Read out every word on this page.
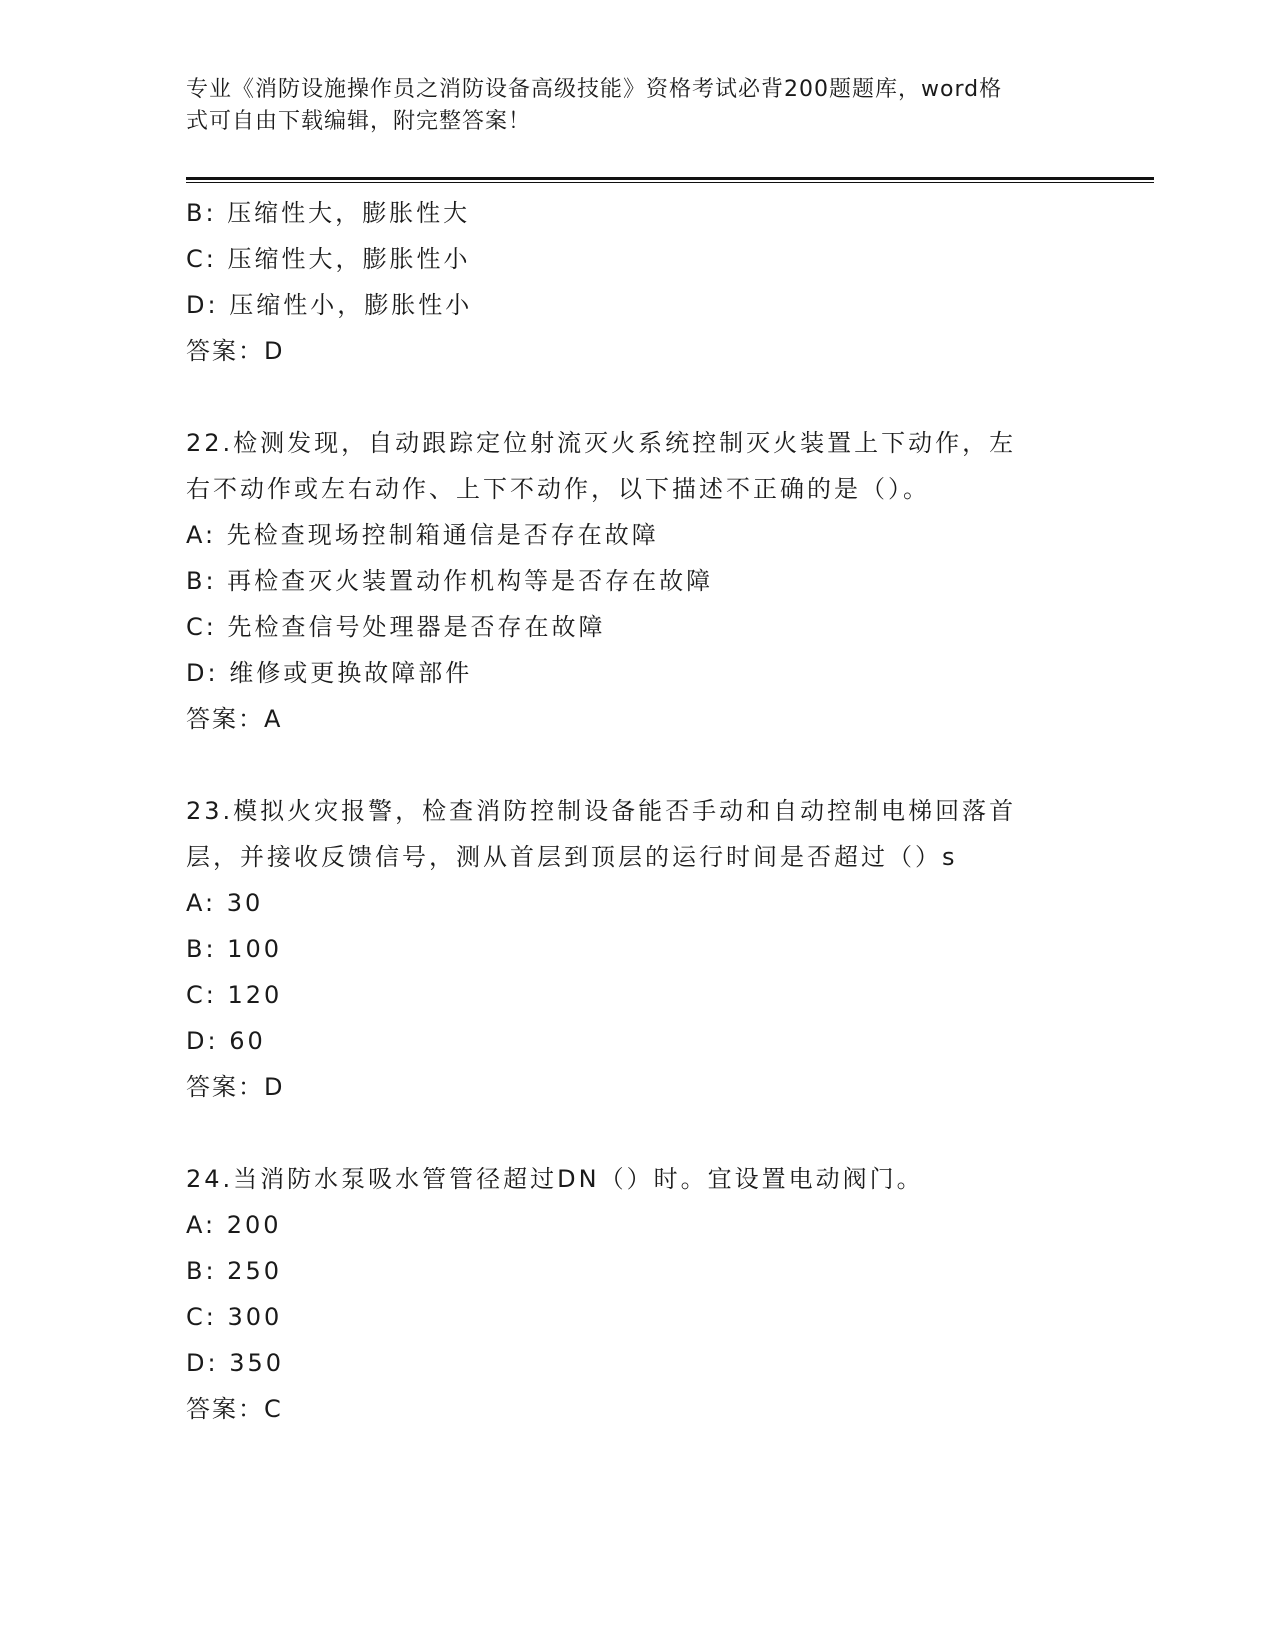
专业《消防设施操作员之消防设备高级技能》资格考试必背200题题库，word格
式可自由下载编辑，附完整答案！
B: 压缩性大，膨胀性大
C: 压缩性大，膨胀性小
D: 压缩性小，膨胀性小
答案：D
22.检测发现，自动跟踪定位射流灭火系统控制灭火装置上下动作，左
右不动作或左右动作、上下不动作，以下描述不正确的是（）。
A: 先检查现场控制箱通信是否存在故障
B: 再检查灭火装置动作机构等是否存在故障
C: 先检查信号处理器是否存在故障
D: 维修或更换故障部件
答案：A
23.模拟火灾报警，检查消防控制设备能否手动和自动控制电梯回落首
层，并接收反馈信号，测从首层到顶层的运行时间是否超过（）s
A: 30
B: 100
C: 120
D: 60
答案：D
24.当消防水泵吸水管管径超过DN（）时。宜设置电动阀门。
A: 200
B: 250
C: 300
D: 350
答案：C
